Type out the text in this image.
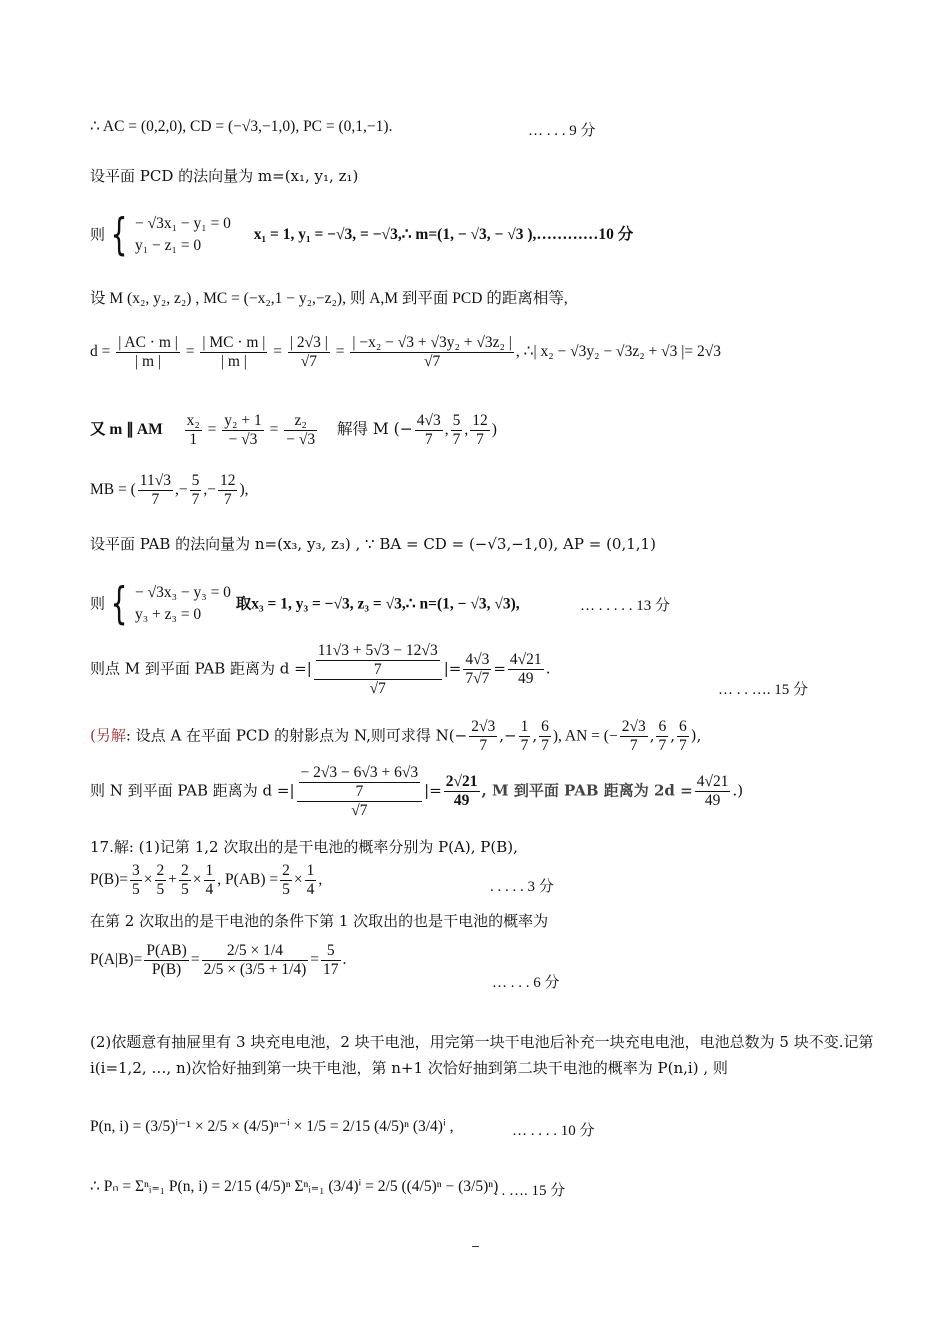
∴ AC = (0,2,0), CD = (−√3,−1,0), PC = (0,1,−1).	… . . . 9 分
设平面 PCD 的法向量为 m=(x₁, y₁, z₁)
则 { − √3x₁ − y₁ = 0
y₁ − z₁ = 0
x₁ = 1, y₁ = −√3, = −√3,∴ m=(1, − √3, − √3 ),…………10 分
设 M (x₂, y₂, z₂) , MC = (−x₂,1 − y₂,−z₂), 则 A,M 到平面 PCD 的距离相等,
$d = \frac{| AC \cdot m |}{| m |} = \frac{| MC \cdot m |}{| m |} = \frac{| 2√3 |}{√7} = \frac{\text{| −x₂ − √3 + √3y₂ + √3z₂ |}}{√7}$ , ∴| x₂ − √3y₂ − √3z₂ + √3 |= 2√3
又 m ∥ AM $\frac{\text{x₂}}{1} = \frac{\text{y₂ + 1}}{- √3} = \frac{\text{z₂}}{- √3}$ 解得 M (− $\frac{4√3}{7}$ , $\frac{5}{7}$ , $\frac{12}{7}$ )
MB = ( $\frac{11√3}{7}$ ,− $\frac{5}{7}$ ,− $\frac{12}{7}$ ),
设平面 PAB 的法向量为 n=(x₃, y₃, z₃) , ∵ BA = CD = (−√3,−1,0), AP = (0,1,1)
则 { − √3x₃ − y₃ = 0
y₃ + z₃ = 0
取x₃ = 1, y₃ = −√3, z₃ = √3,∴ n=(1, − √3, √3),	… . . . . . 13 分
则点 M 到平面 PAB 距离为 d =| $\frac{\frac{11√3 + 5√3 - 12√3}{7}}{√7}$ |= $\frac{4√3}{7√7} = \frac{4√21}{49}$ .
… . . …. 15 分
(另解: 设点 A 在平面 PCD 的射影点为 N,则可求得 $N(- \frac{2√3}{7}$ ,− $\frac{1}{7}$ , $\frac{6}{7}$ ), AN = (− $\frac{2√3}{7}$ , $\frac{6}{7}$ , $\frac{6}{7}$ ),
则 N 到平面 PAB 距离为 d =| $\frac{\frac{- 2√3 - 6√3 + 6√3}{7}}{√7}$ |= $\frac{2√21}{49}$ , M 到平面 PAB 距离为 $2d = \frac{4√21}{49}$ .)
17.解: (1)记第 1,2 次取出的是干电池的概率分别为 P(A), P(B),
$P(B)= \frac{3}{5} \times \frac{2}{5} + \frac{2}{5} \times \frac{1}{4}$ , $P(AB) = \frac{2}{5} \times \frac{1}{4}$ ,	. . . . . 3 分
在第 2 次取出的是干电池的条件下第 1 次取出的也是干电池的概率为
$P(A|B)= \frac{P(AB)}{P(B)} = \frac{2/5 \times 1/4}{2/5 \times (3/5 + 1/4)} = \frac{5}{17}$ .
… . . . 6 分
(2)依题意有抽屉里有 3 块充电电池，2 块干电池，用完第一块干电池后补充一块充电电池，电池总数为 5 块不变.记第
i(i=1,2, …, n)次恰好抽到第一块干电池，第 n+1 次恰好抽到第二块干电池的概率为 P(n,i) , 则
P(n, i) = (3/5)ⁱ⁻¹ × 2/5 × (4/5)ⁿ⁻ⁱ × 1/5 = 2/15 (4/5)ⁿ (3/4)ⁱ ,	… . . . . 10 分
∴ Pₙ = Σⁿᵢ₌₁ P(n, i) = 2/15 (4/5)ⁿ Σⁿᵢ₌₁ (3/4)ⁱ = 2/5 ((4/5)ⁿ − (3/5)ⁿ)
. . …. 15 分
